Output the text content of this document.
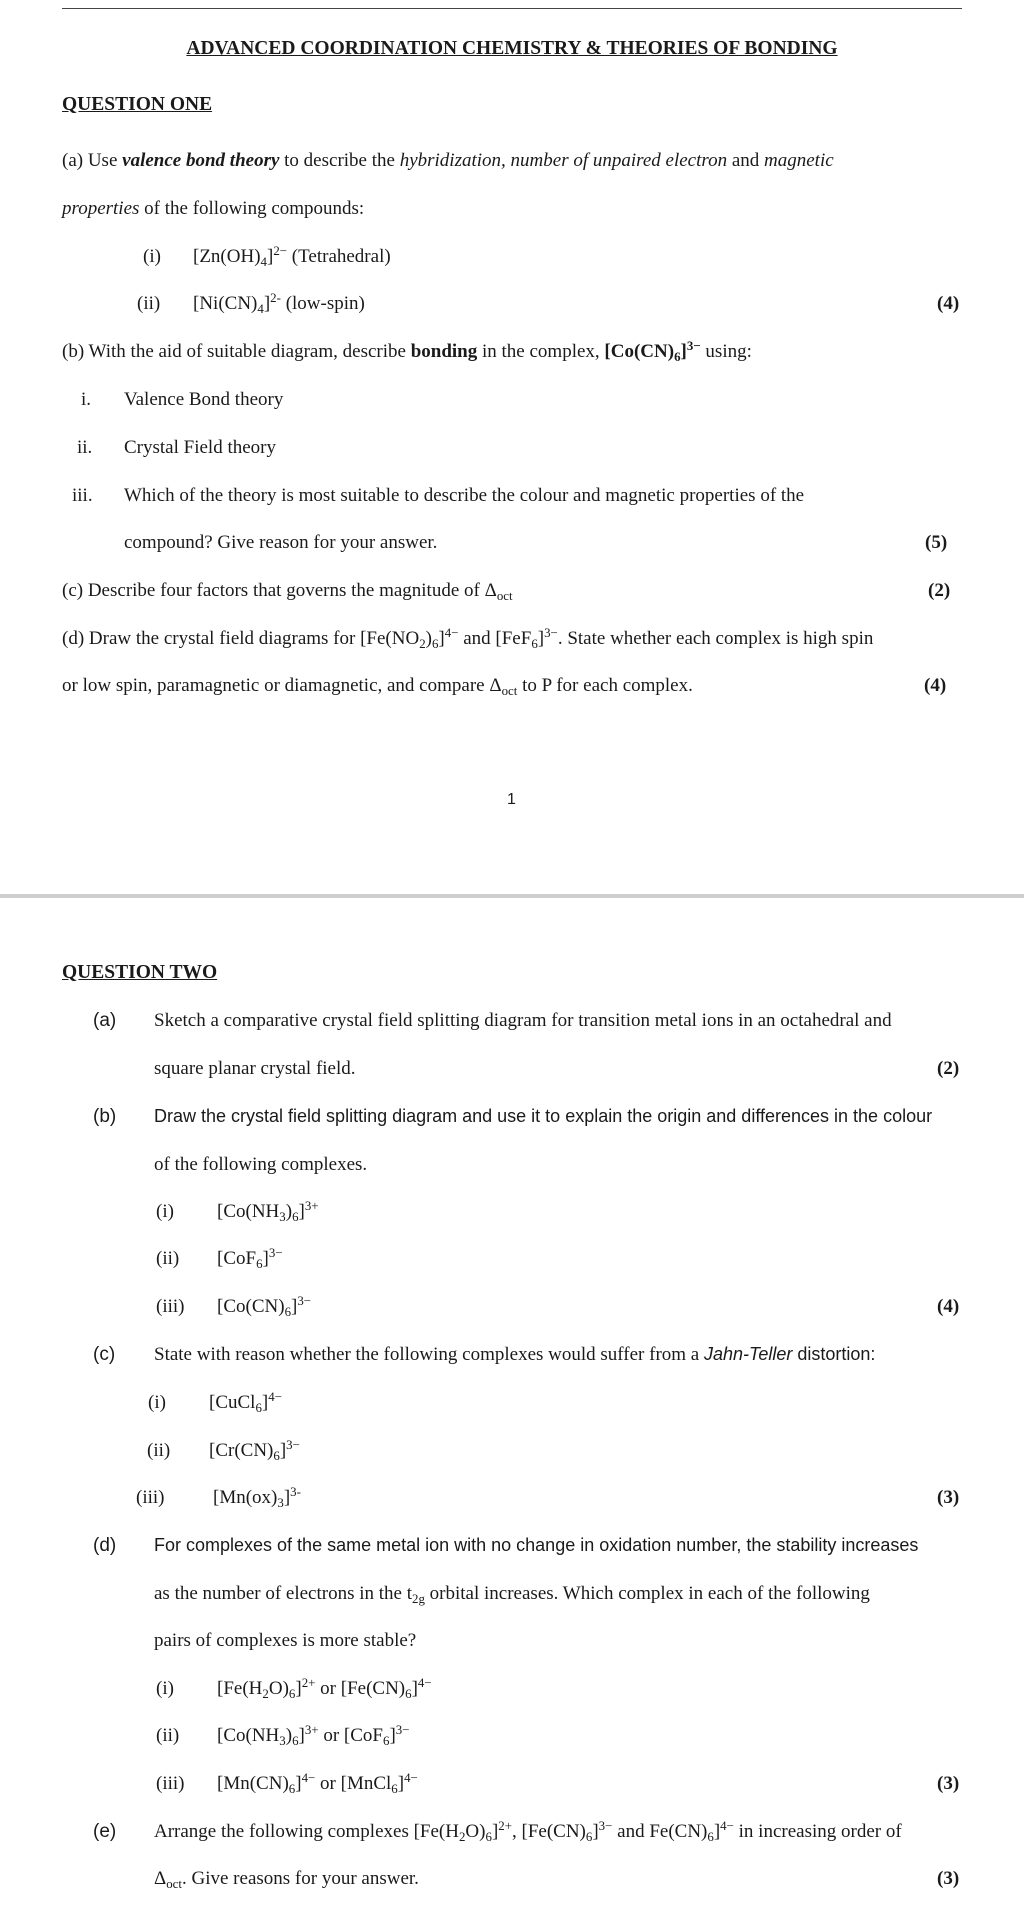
ADVANCED COORDINATION CHEMISTRY & THEORIES OF BONDING
QUESTION ONE
(a) Use valence bond theory to describe the hybridization, number of unpaired electron and magnetic
properties of the following compounds:
(i) $[Zn(OH)_4]^{2-}$ (Tetrahedral)
(ii) $[Ni(CN)_4]^{2-}$ (low-spin)	(4)
(b) With the aid of suitable diagram, describe bonding in the complex, $[Co(CN)_6]^{3-}$ using:
i. Valence Bond theory
ii. Crystal Field theory
iii. Which of the theory is most suitable to describe the colour and magnetic properties of the
compound? Give reason for your answer.	(5)
(c) Describe four factors that governs the magnitude of $\Delta_{oct}$	(2)
(d) Draw the crystal field diagrams for $[Fe(NO_2)_6]^{4-}$ and $[FeF_6]^{3-}$. State whether each complex is high spin
or low spin, paramagnetic or diamagnetic, and compare $\Delta_{oct}$ to P for each complex.	(4)
1
QUESTION TWO
(a) Sketch a comparative crystal field splitting diagram for transition metal ions in an octahedral and
square planar crystal field.	(2)
(b) Draw the crystal field splitting diagram and use it to explain the origin and differences in the colour
of the following complexes.
(i) $[Co(NH_3)_6]^{3+}$
(ii) $[CoF_6]^{3-}$
(iii) $[Co(CN)_6]^{3-}$	(4)
(c) State with reason whether the following complexes would suffer from a Jahn-Teller distortion:
(i) [CuCl$_6$]$^{4-}$
(ii) $[Cr(CN)_6]^{3-}$
(iii)	$[Mn(ox)_3]^{3-}$	(3)
(d) For complexes of the same metal ion with no change in oxidation number, the stability increases
as the number of electrons in the $t_{2g}$ orbital increases. Which complex in each of the following
pairs of complexes is more stable?
(i) $[Fe(H_2O)_6]^{2+}$ or $[Fe(CN)_6]^{4-}$
(ii) $[Co(NH_3)_6]^{3+}$ or $[CoF_6]^{3-}$
(iii) $[Mn(CN)_6]^{4-}$ or [MnCl$_6$]$^{4-}$	(3)
(e) Arrange the following complexes $[Fe(H_2O)_6]^{2+}$, $[Fe(CN)_6]^{3-}$ and $Fe(CN)_6]^{4-}$ in increasing order of
$\Delta_{oct}$. Give reasons for your answer.	(3)
